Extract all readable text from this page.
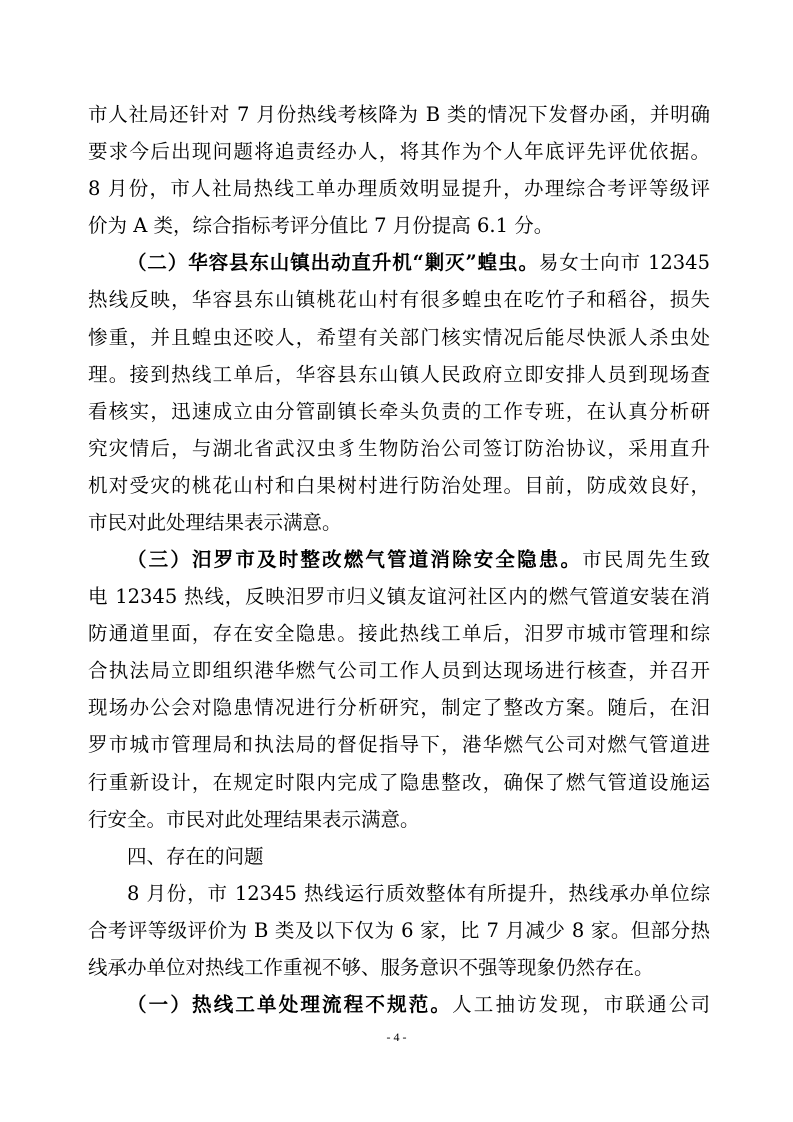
市人社局还针对 7 月份热线考核降为 B 类的情况下发督办函，并明确
要求今后出现问题将追责经办人，将其作为个人年底评先评优依据。
8 月份，市人社局热线工单办理质效明显提升，办理综合考评等级评
价为 A 类，综合指标考评分值比 7 月份提高 6.1 分。
（二）华容县东山镇出动直升机“剿灭”蝗虫。易女士向市 12345
热线反映，华容县东山镇桃花山村有很多蝗虫在吃竹子和稻谷，损失
惨重，并且蝗虫还咬人，希望有关部门核实情况后能尽快派人杀虫处
理。接到热线工单后，华容县东山镇人民政府立即安排人员到现场查
看核实，迅速成立由分管副镇长牵头负责的工作专班，在认真分析研
究灾情后，与湖北省武汉虫豸生物防治公司签订防治协议，采用直升
机对受灾的桃花山村和白果树村进行防治处理。目前，防成效良好，
市民对此处理结果表示满意。
（三）汨罗市及时整改燃气管道消除安全隐患。市民周先生致
电 12345 热线，反映汨罗市归义镇友谊河社区内的燃气管道安装在消
防通道里面，存在安全隐患。接此热线工单后，汨罗市城市管理和综
合执法局立即组织港华燃气公司工作人员到达现场进行核查，并召开
现场办公会对隐患情况进行分析研究，制定了整改方案。随后，在汨
罗市城市管理局和执法局的督促指导下，港华燃气公司对燃气管道进
行重新设计，在规定时限内完成了隐患整改，确保了燃气管道设施运
行安全。市民对此处理结果表示满意。
四、存在的问题
8 月份，市 12345 热线运行质效整体有所提升，热线承办单位综
合考评等级评价为 B 类及以下仅为 6 家，比 7 月减少 8 家。但部分热
线承办单位对热线工作重视不够、服务意识不强等现象仍然存在。
（一）热线工单处理流程不规范。人工抽访发现，市联通公司
- 4 -
